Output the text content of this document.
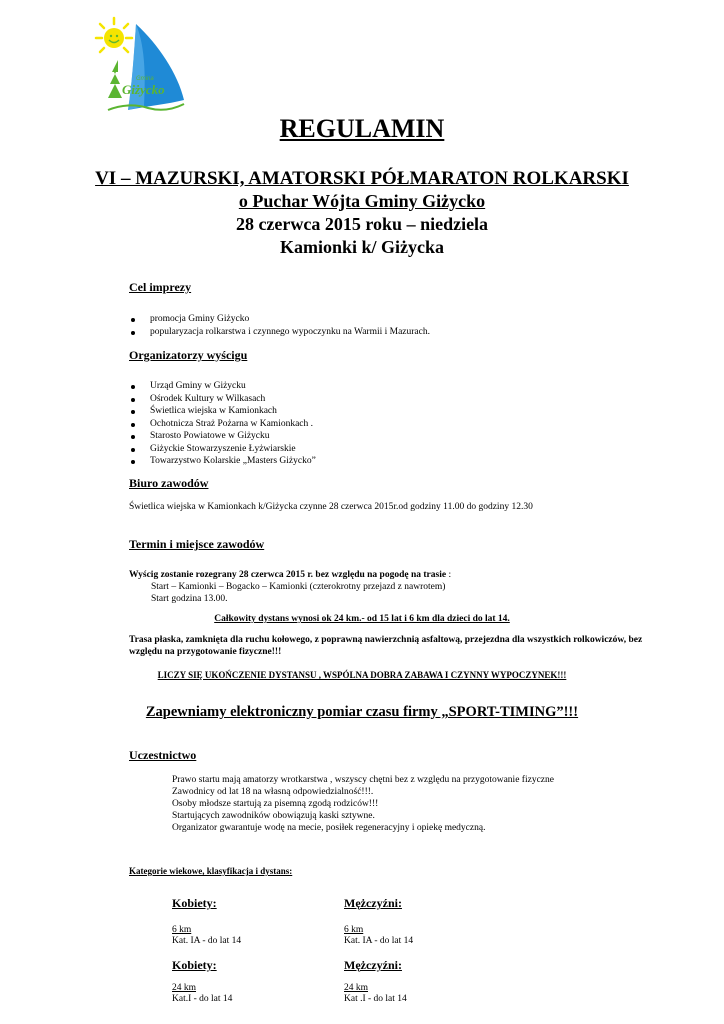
Gmina
Giżycko
REGULAMIN
VI – MAZURSKI, AMATORSKI PÓŁMARATON ROLKARSKI
o Puchar Wójta Gminy Giżycko
28 czerwca 2015 roku – niedziela
Kamionki k/ Giżycka
Cel imprezy
promocja Gminy Giżycko
popularyzacja rolkarstwa i czynnego wypoczynku na Warmii i Mazurach.
Organizatorzy wyścigu
Urząd Gminy w Giżycku
Ośrodek Kultury w Wilkasach
Świetlica wiejska w Kamionkach
Ochotnicza Straż Pożarna w Kamionkach .
Starosto Powiatowe w Giżycku
Giżyckie Stowarzyszenie Łyżwiarskie
Towarzystwo Kolarskie „Masters Giżycko”
Biuro zawodów
Świetlica wiejska w Kamionkach k/Giżycka czynne 28 czerwca 2015r.od godziny 11.00 do godziny 12.30
Termin i miejsce zawodów
Wyścig zostanie rozegrany 28 czerwca 2015 r. bez względu na pogodę na trasie :
Start – Kamionki – Bogacko – Kamionki (czterokrotny przejazd z nawrotem)
Start godzina 13.00.
Całkowity dystans wynosi ok 24 km.- od 15 lat i 6 km dla dzieci do lat 14.
Trasa płaska, zamknięta dla ruchu kołowego, z poprawną nawierzchnią asfaltową, przejezdna dla wszystkich rolkowiczów, bez
względu na przygotowanie fizyczne!!!
LICZY SIĘ UKOŃCZENIE DYSTANSU , WSPÓLNA DOBRA ZABAWA I CZYNNY WYPOCZYNEK!!!
Zapewniamy elektroniczny pomiar czasu firmy „SPORT-TIMING”!!!
Uczestnictwo
Prawo startu mają amatorzy wrotkarstwa , wszyscy chętni bez z względu na przygotowanie fizyczne
Zawodnicy od lat 18 na własną odpowiedzialność!!!.
Osoby młodsze startują za pisemną zgodą rodziców!!!
Startujących zawodników obowiązują kaski sztywne.
Organizator gwarantuje wodę na mecie, posiłek regeneracyjny i opiekę medyczną.
Kategorie wiekowe, klasyfikacja i dystans:
Kobiety:	Mężczyźni:
6 km
Kat. IA - do lat 14
6 km
Kat. IA - do lat 14
Kobiety:	Mężczyźni:
24 km
Kat.I - do lat 14
24 km
Kat .I - do lat 14
